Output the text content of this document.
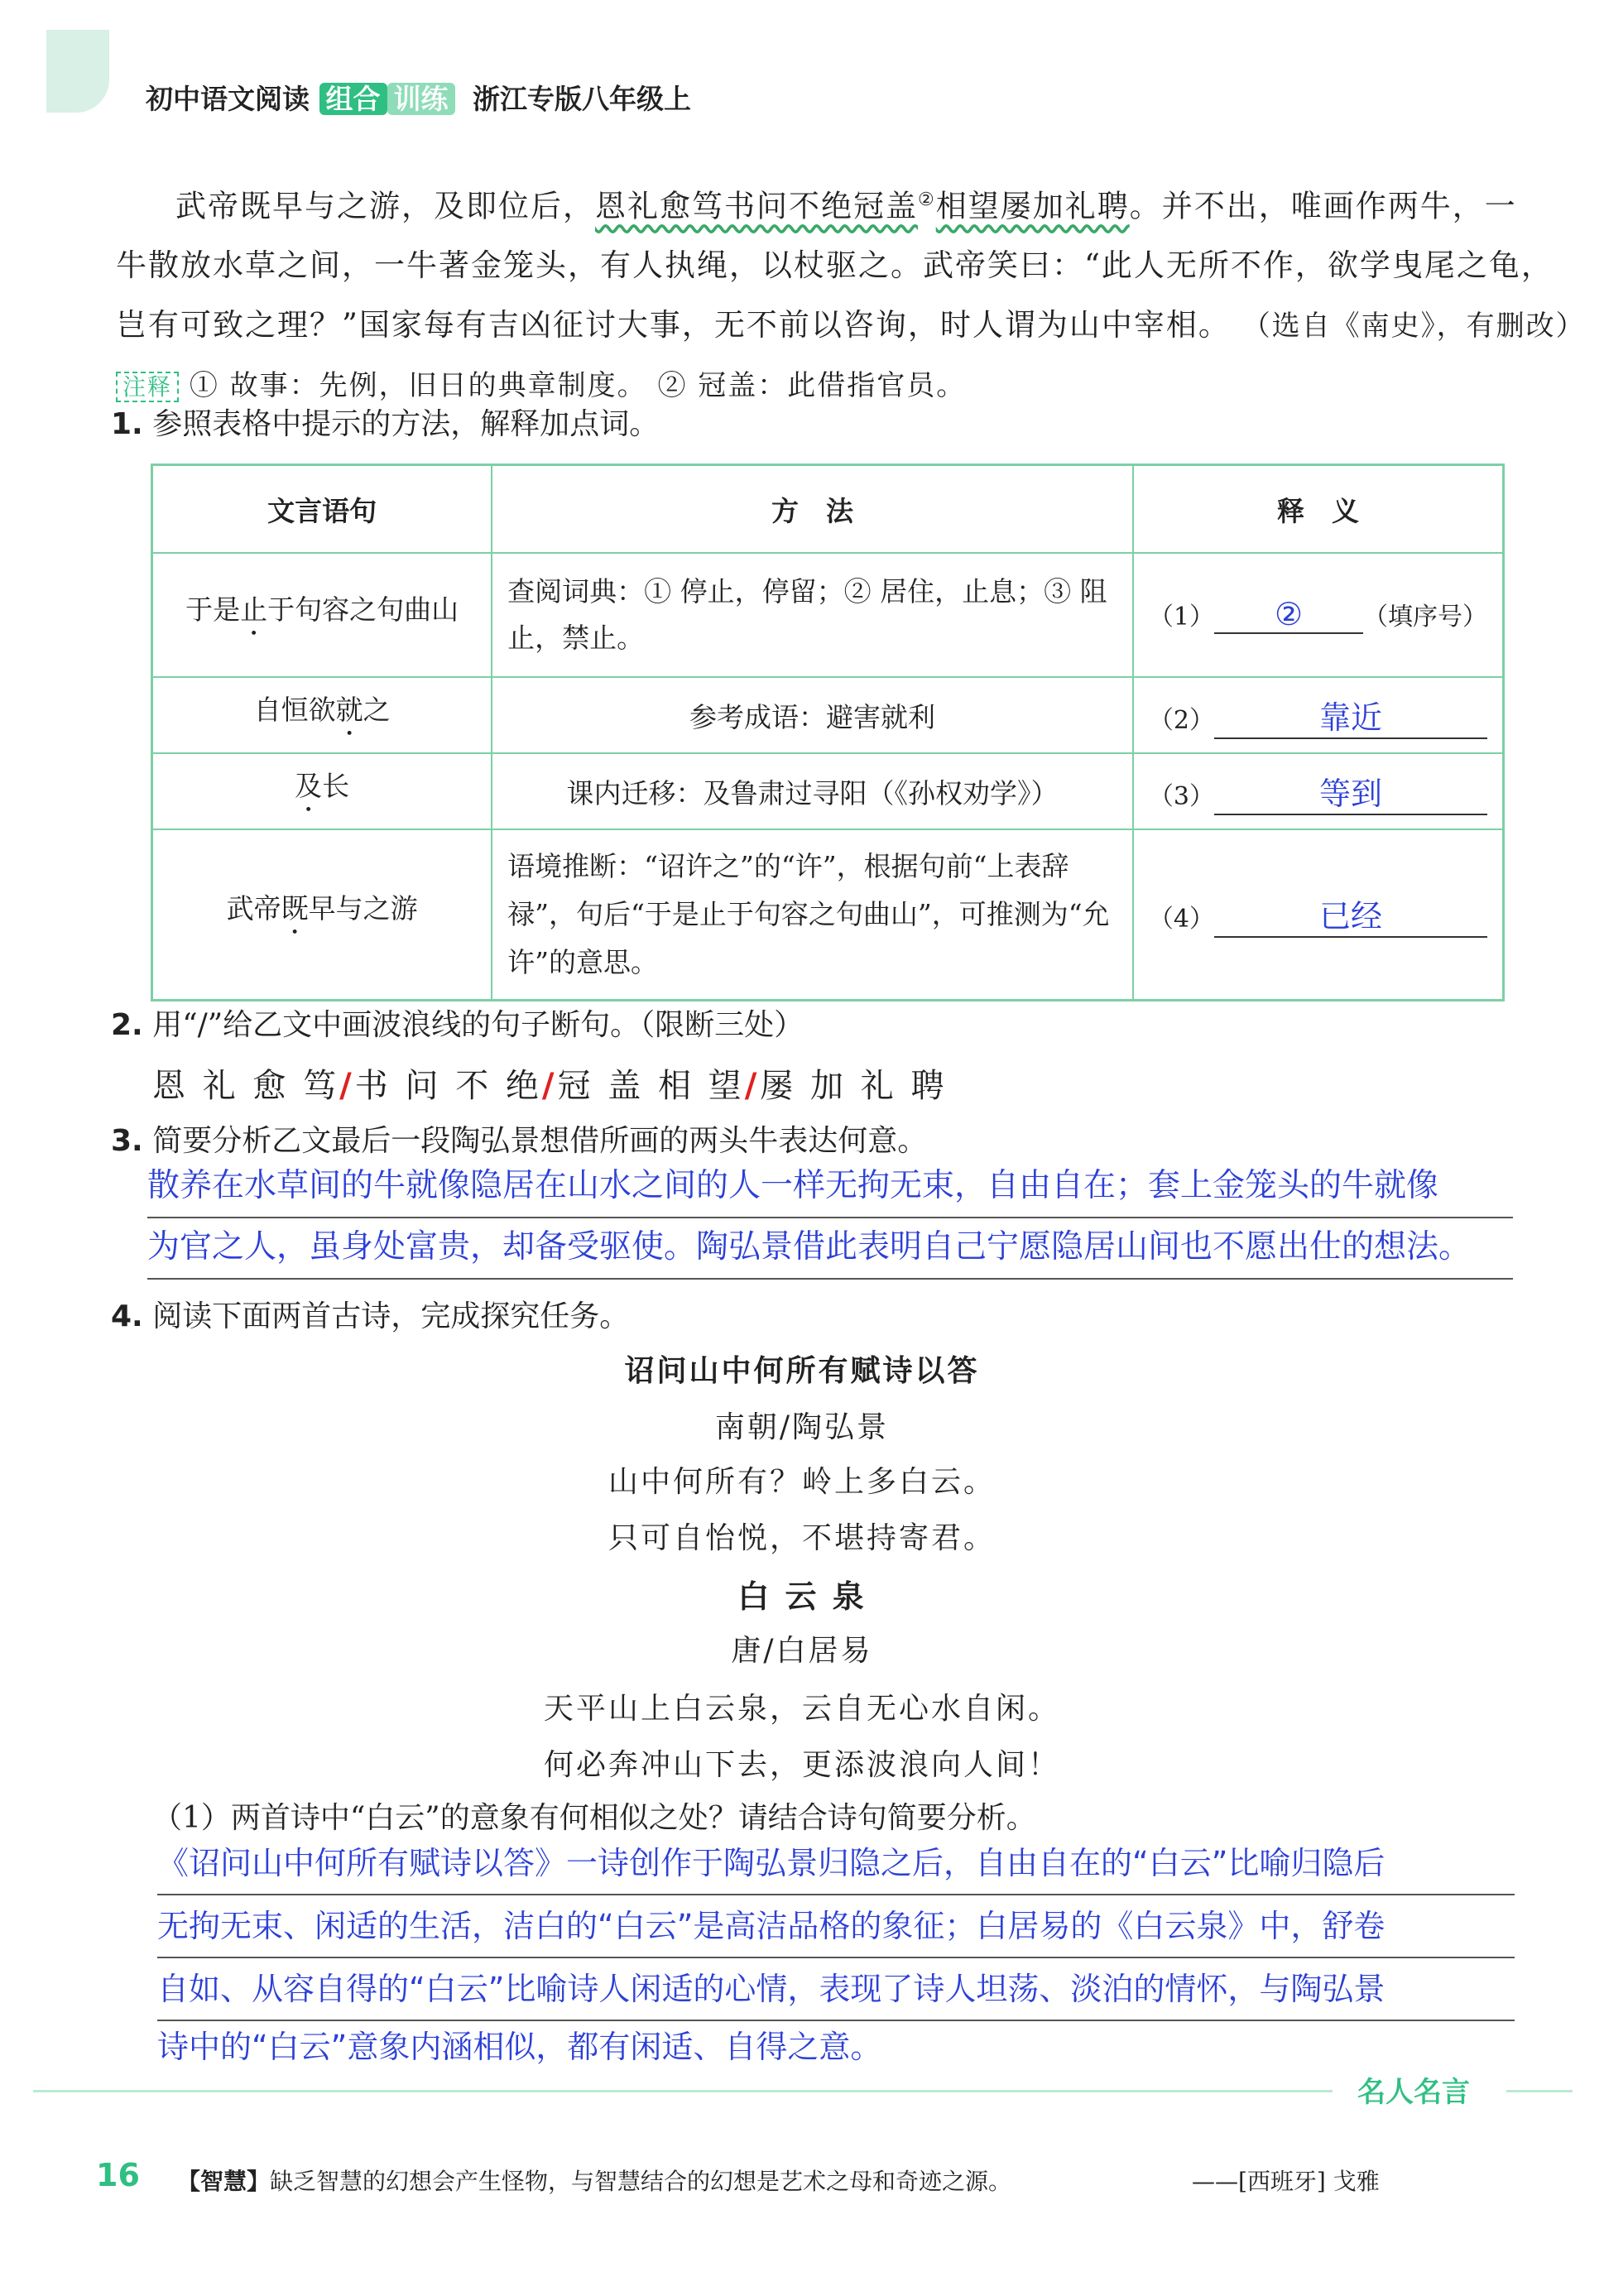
初中语文阅读 组合 训练 浙江专版八年级上
武帝既早与之游，及即位后，恩礼愈笃书问不绝冠盖②相望屡加礼聘。并不出，唯画作两牛，一
牛散放水草之间，一牛著金笼头，有人执绳，以杖驱之。武帝笑曰：“此人无所不作，欲学曳尾之龟，
岂有可致之理？”国家每有吉凶征讨大事，无不前以咨询，时人谓为山中宰相。 （选自《南史》，有删改）
注释 ① 故事：先例，旧日的典章制度。 ② 冠盖：此借指官员。
1. 参照表格中提示的方法，解释加点词。
文言语句	方　法	释　义
于是止于句容之句曲山	查阅词典：① 停止，停留；② 居住，止息；③ 阻止，禁止。	（1） ② （填序号）
自恒欲就之	参考成语：避害就利	（2） 靠近
及长	课内迁移：及鲁肃过寻阳（《孙权劝学》）	（3） 等到
武帝既早与之游	语境推断：“诏许之”的“许”，根据句前“上表辞禄”，句后“于是止于句容之句曲山”，可推测为“允许”的意思。	（4） 已经
2. 用“/”给乙文中画波浪线的句子断句。（限断三处）
恩 礼 愈 笃/书 问 不 绝/冠 盖 相 望/屡 加 礼 聘
3. 简要分析乙文最后一段陶弘景想借所画的两头牛表达何意。
散养在水草间的牛就像隐居在山水之间的人一样无拘无束，自由自在；套上金笼头的牛就像
为官之人，虽身处富贵，却备受驱使。陶弘景借此表明自己宁愿隐居山间也不愿出仕的想法。
4. 阅读下面两首古诗，完成探究任务。
诏问山中何所有赋诗以答
南朝/陶弘景
山中何所有？岭上多白云。
只可自怡悦，不堪持寄君。
白 云 泉
唐/白居易
天平山上白云泉，云自无心水自闲。
何必奔冲山下去，更添波浪向人间！
（1）两首诗中“白云”的意象有何相似之处？请结合诗句简要分析。
《诏问山中何所有赋诗以答》一诗创作于陶弘景归隐之后，自由自在的“白云”比喻归隐后
无拘无束、闲适的生活，洁白的“白云”是高洁品格的象征；白居易的《白云泉》中，舒卷
自如、从容自得的“白云”比喻诗人闲适的心情，表现了诗人坦荡、淡泊的情怀，与陶弘景
诗中的“白云”意象内涵相似，都有闲适、自得之意。
名人名言
16 【智慧】缺乏智慧的幻想会产生怪物，与智慧结合的幻想是艺术之母和奇迹之源。	——[西班牙] 戈雅
